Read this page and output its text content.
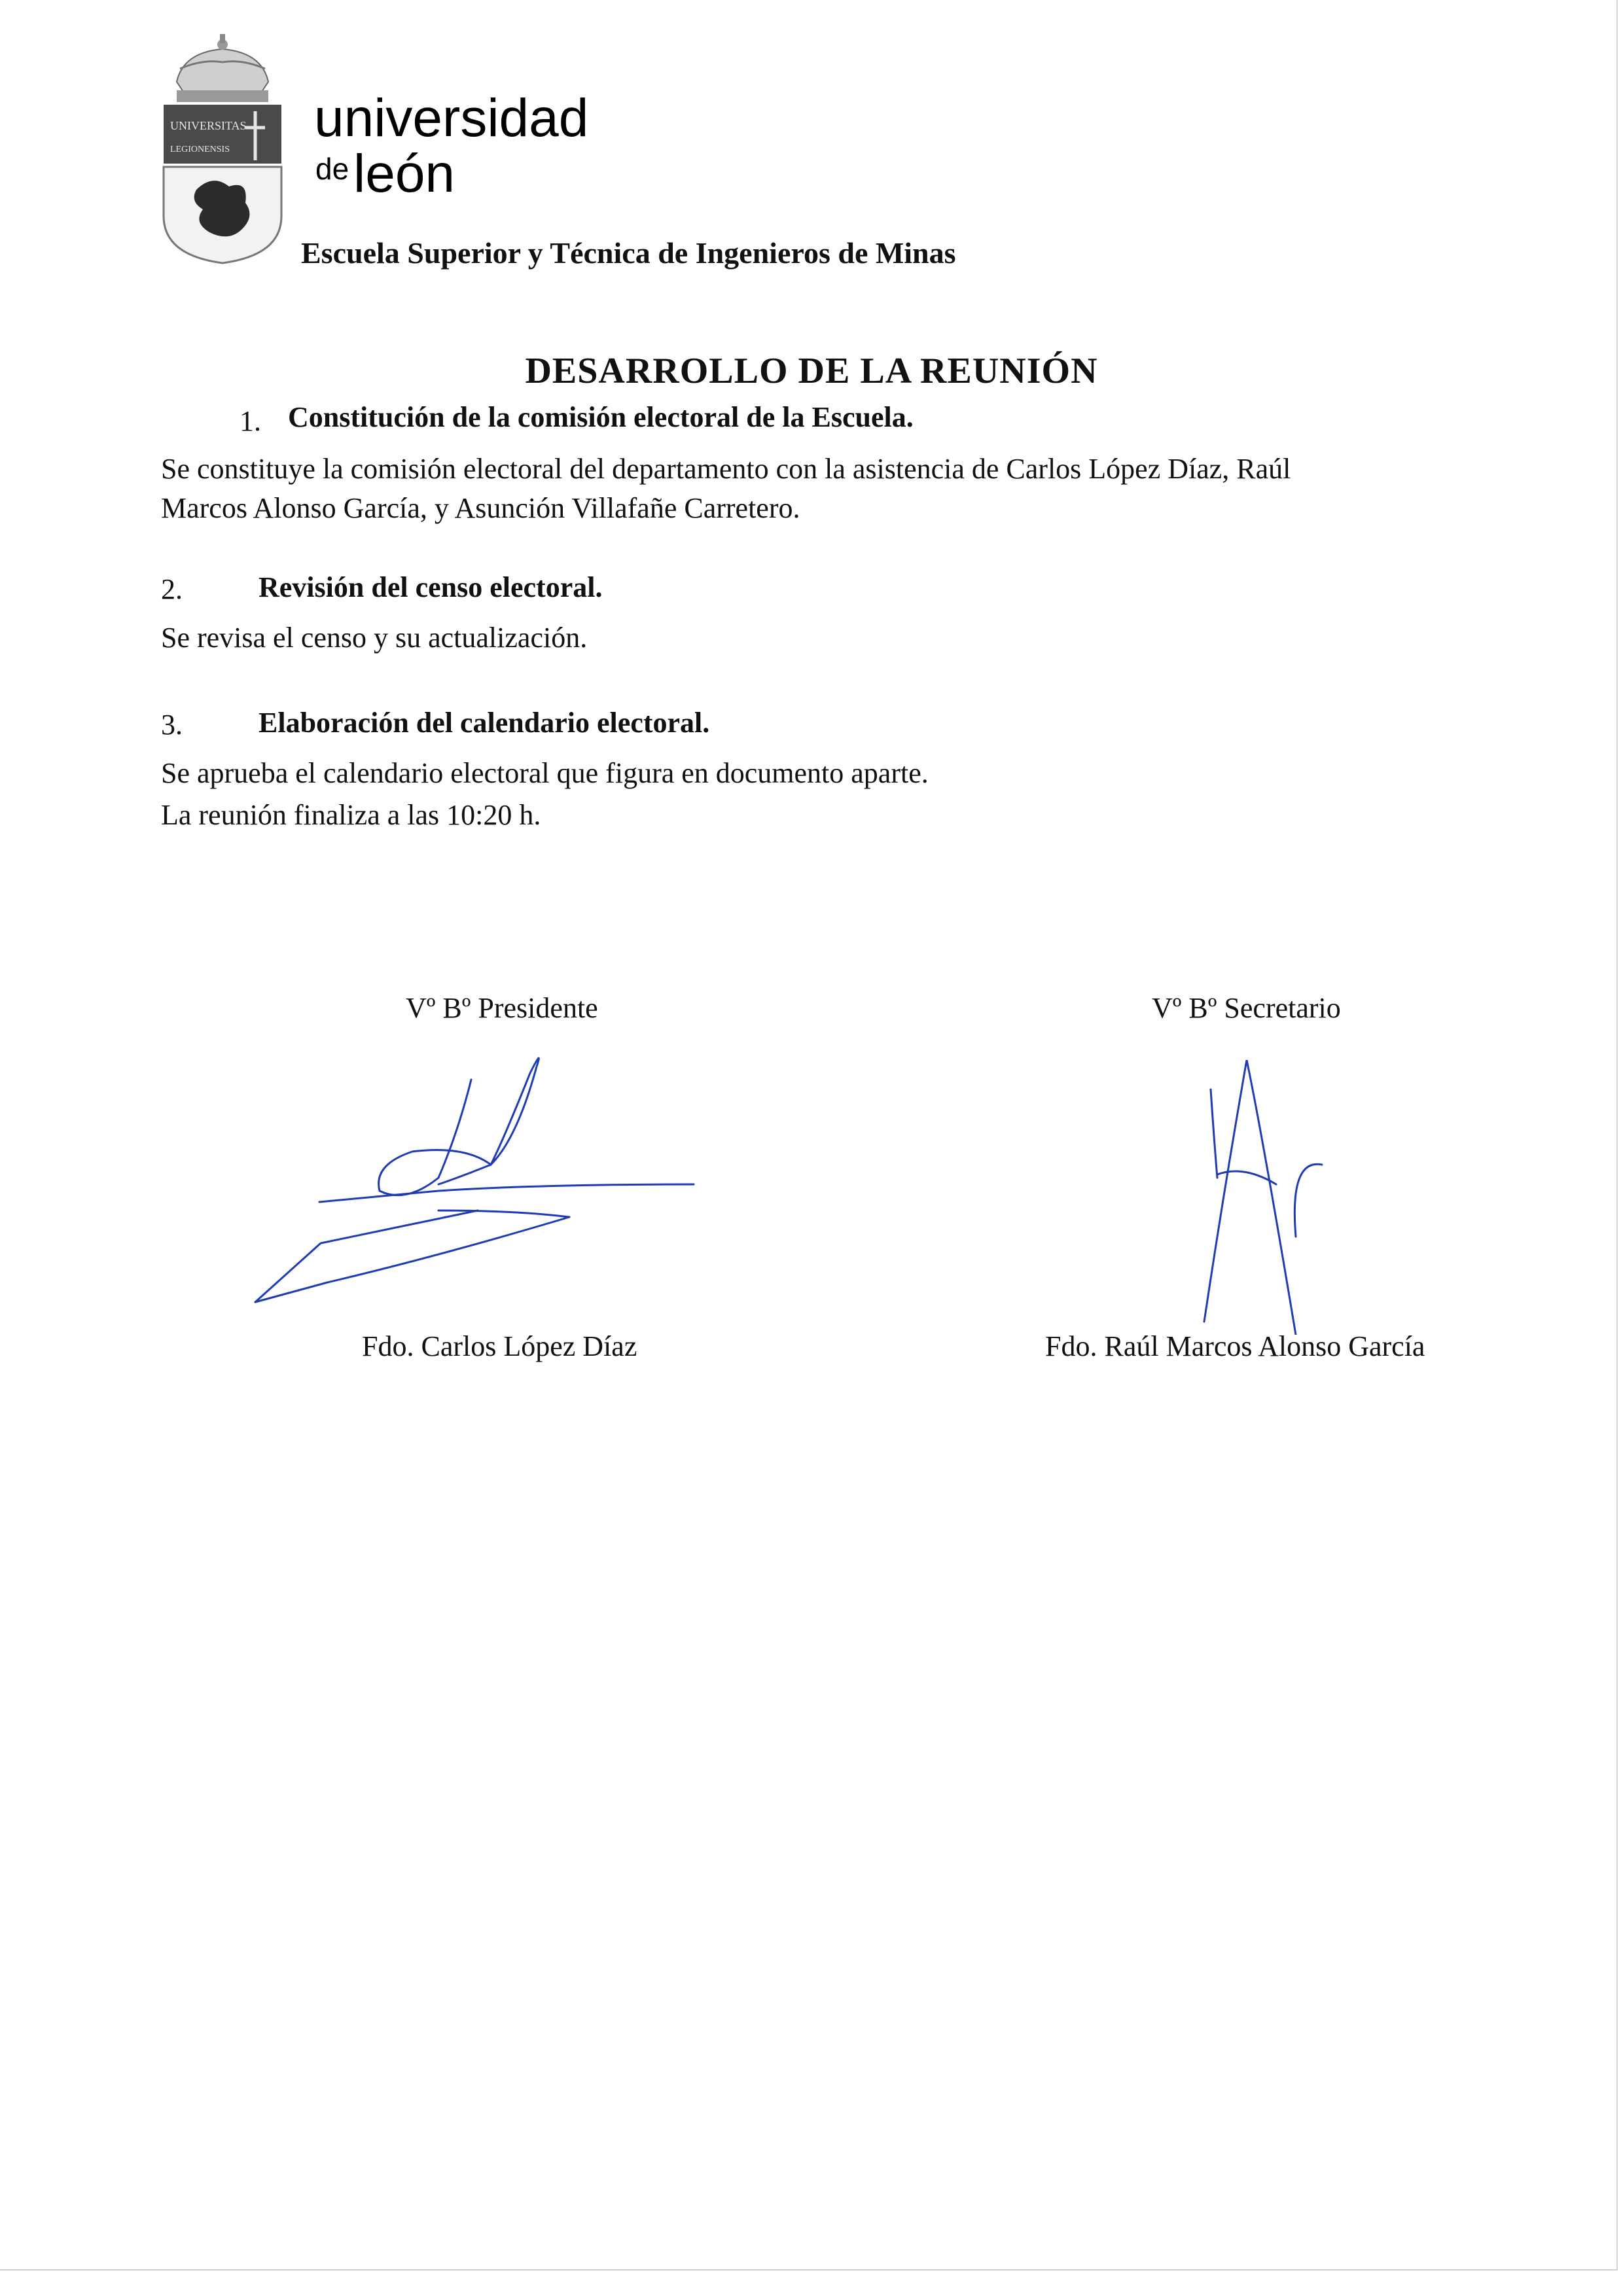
UNIVERSITAS
LEGIONENSIS
universidad
de león
Escuela Superior y Técnica de Ingenieros de Minas
DESARROLLO DE LA REUNIÓN
1. Constitución de la comisión electoral de la Escuela.
Se constituye la comisión electoral del departamento con la asistencia de Carlos López Díaz, Raúl
Marcos Alonso García, y Asunción Villafañe Carretero.
2.	Revisión del censo electoral.
Se revisa el censo y su actualización.
3.	Elaboración del calendario electoral.
Se aprueba el calendario electoral que figura en documento aparte.
La reunión finaliza a las 10:20 h.
Vº Bº Presidente	Vº Bº Secretario
Fdo. Carlos López Díaz	Fdo. Raúl Marcos Alonso García
